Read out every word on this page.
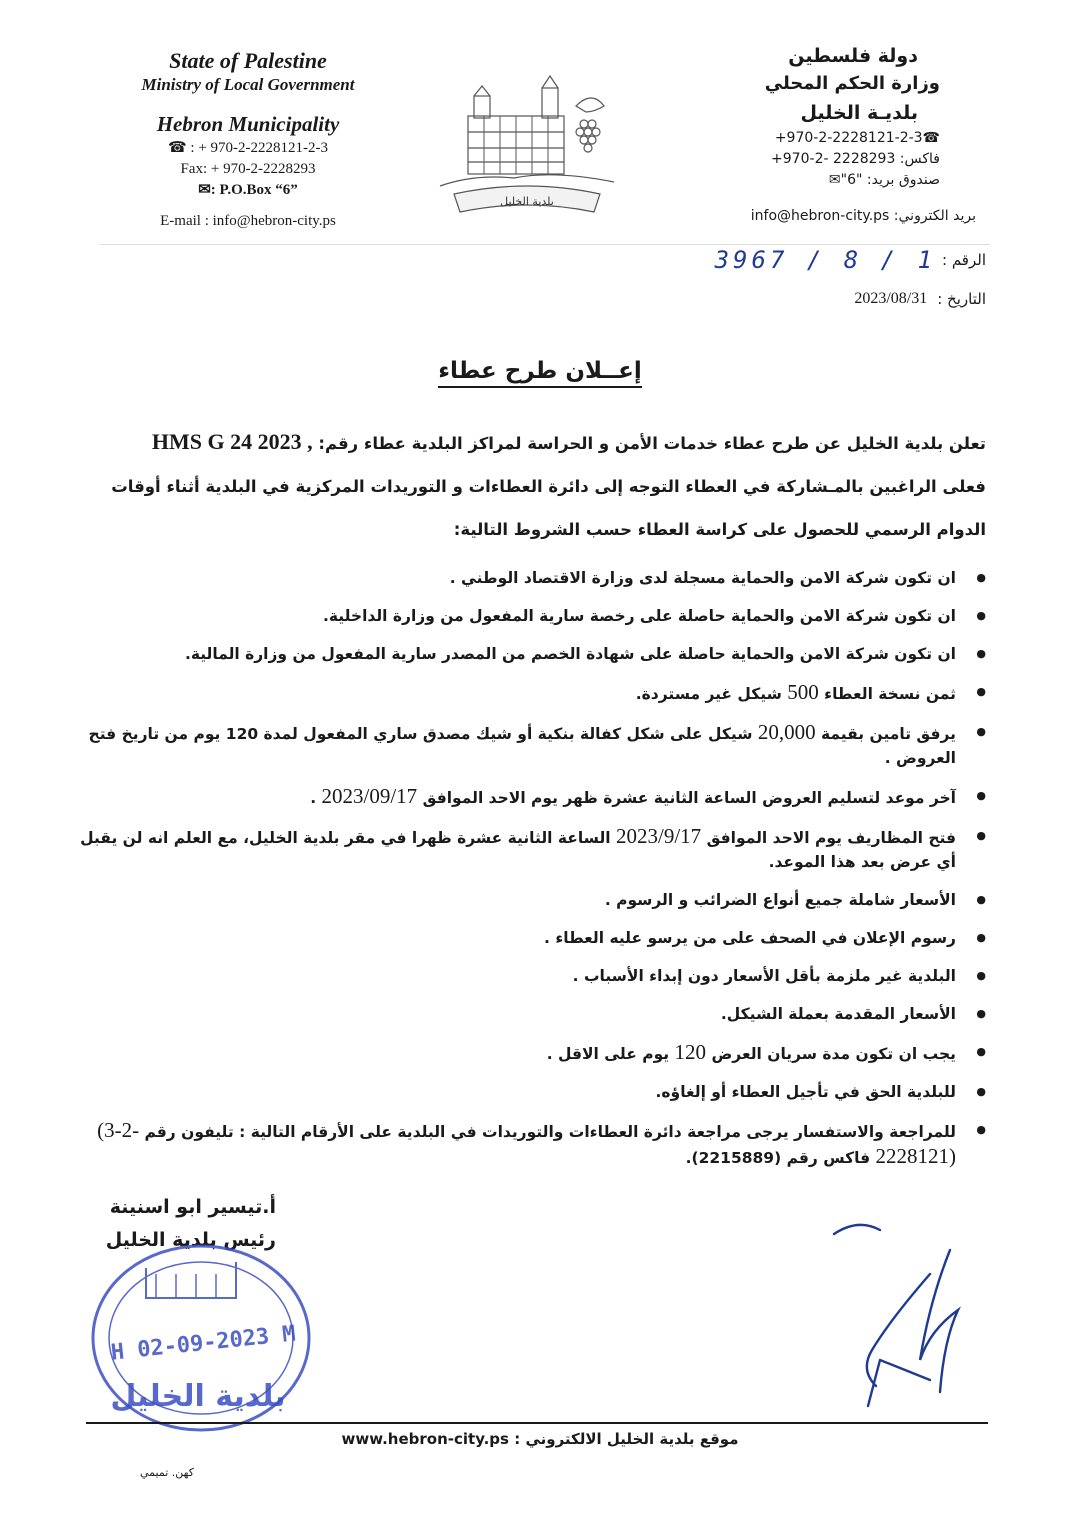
State of Palestine
Ministry of Local Government
Hebron Municipality
☎ : + 970-2-2228121-2-3
Fax: + 970-2-2228293
✉: P.O.Box “6”
E-mail : info@hebron-city.ps
بلدية الخليل
دولة فلسطين
وزارة الحكم المحلي
بلديـة الخليل
+970-2-2228121-2-3☎
فاكس: 2228293 -2-970+
صندوق بريد: "6"✉
بريد الكتروني: info@hebron-city.ps
الرقم :
3967 / 8 / 1
التاريخ :
2023/08/31
إعــلان طرح عطاء
تعلن بلدية الخليل عن طرح عطاء خدمات الأمن و الحراسة لمراكز البلدية عطاء رقم: HMS G 24 2023 ,
فعلى الراغبين بالمـشاركة في العطاء التوجه إلى دائرة العطاءات و التوريدات المركزية في البلدية أثناء أوقات الدوام الرسمي للحصول على كراسة العطاء حسب الشروط التالية:
● ان تكون شركة الامن والحماية مسجلة لدى وزارة الاقتصاد الوطني .
● ان تكون شركة الامن والحماية حاصلة على رخصة سارية المفعول من وزارة الداخلية.
● ان تكون شركة الامن والحماية حاصلة على شهادة الخصم من المصدر سارية المفعول من وزارة المالية.
● ثمن نسخة العطاء 500 شيكل غير مستردة.
● يرفق تامين بقيمة 20,000 شيكل على شكل كفالة بنكية أو شيك مصدق ساري المفعول لمدة 120 يوم من تاريخ فتح العروض .
● آخر موعد لتسليم العروض الساعة الثانية عشرة ظهر يوم الاحد الموافق 2023/09/17 .
● فتح المظاريف يوم الاحد الموافق 2023/9/17 الساعة الثانية عشرة ظهرا في مقر بلدية الخليل، مع العلم انه لن يقبل أي عرض بعد هذا الموعد.
● الأسعار شاملة جميع أنواع الضرائب و الرسوم .
● رسوم الإعلان في الصحف على من يرسو عليه العطاء .
● البلدية غير ملزمة بأقل الأسعار دون إبداء الأسباب .
● الأسعار المقدمة بعملة الشيكل.
● يجب ان تكون مدة سريان العرض 120 يوم على الاقل .
● للبلدية الحق في تأجيل العطاء أو إلغاؤه.
● للمراجعة والاستفسار يرجى مراجعة دائرة العطاءات والتوريدات في البلدية على الأرقام التالية : تليفون رقم (3-2-2228121) فاكس رقم (2215889).
أ.تيسير ابو اسنينة
رئيس بلدية الخليل
H 02-09-2023 M
بلدية الخليل
موقع بلدية الخليل الالكتروني : www.hebron-city.ps
كهن. تميمي
